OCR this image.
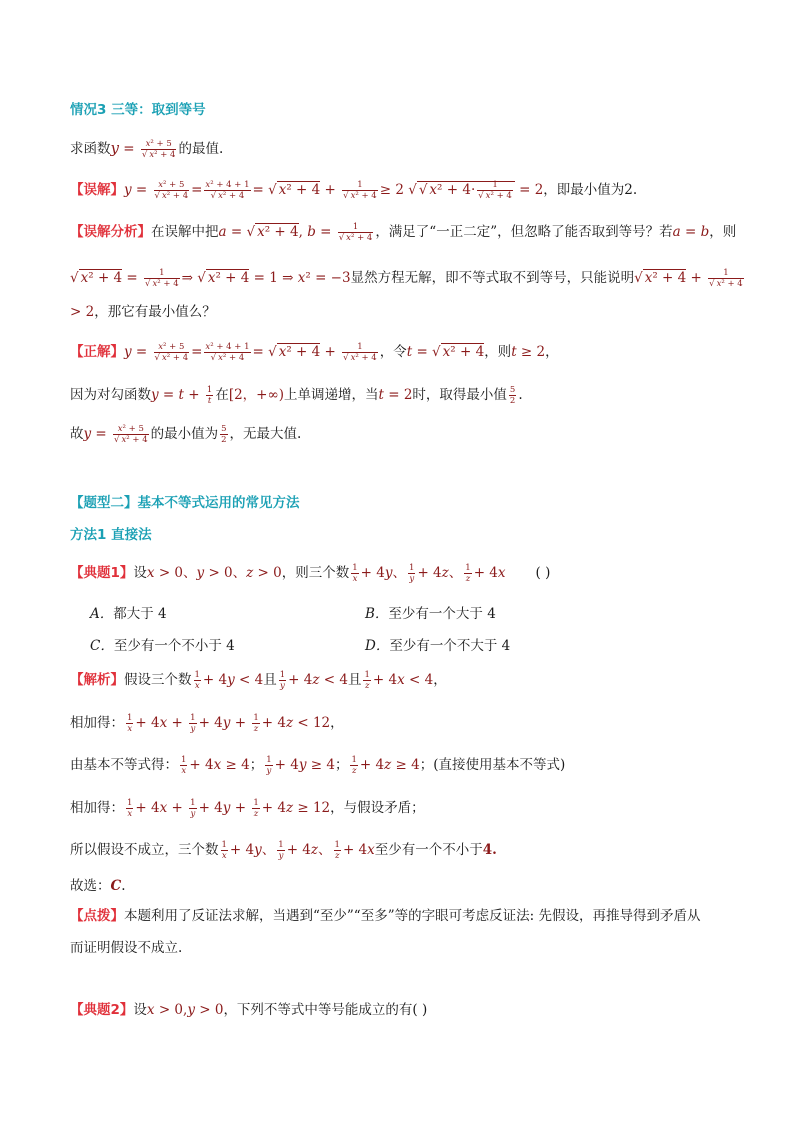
情况3 三等：取到等号
求函数$y = \frac{\text{x² + 5}}{\text{√ x² + 4}}$ 的最值.
【误解】$y = \frac{\text{x² + 5}}{\text{√ x² + 4}} = \frac{\text{x² + 4 + 1}}{\text{√ x² + 4}}$ = √ $x^2 + 4 + \frac{1}{\text{√ x² + 4}} \ge 2$ √ √ $x^2 + 4\cdot \frac{1}{\text{√ x² + 4}} = 2$，即最小值为2.
【误解分析】在误解中把a = √ x² + 4, $b = \frac{1}{\text{√ x² + 4}}$ ，满足了“一正二定”，但忽略了能否取到等号？若a = b，则
√ $x^2 + 4 = \frac{1}{\text{√ x² + 4}}$ ⇒ √ x² + 4 = 1 ⇒ x² = −3显然方程无解，即不等式取不到等号，只能说明√ $x^2 + 4 + \frac{1}{\text{√ x² + 4}}$
> 2，那它有最小值么？
【正解】$y = \frac{\text{x² + 5}}{\text{√ x² + 4}} = \frac{\text{x² + 4 + 1}}{\text{√ x² + 4}}$ = √ $x^2 + 4 + \frac{1}{\text{√ x² + 4}}$ ，令t = √ x² + 4，则t ≥ 2，
因为对勾函数$y = t + \frac{1}{t}$ 在[2，+∞)上单调递增，当t = 2时，取得最小值 $\frac{5}{2}$ .
故$y = \frac{\text{x² + 5}}{\text{√ x² + 4}}$ 的最小值为 $\frac{5}{2}$ ，无最大值.
【题型二】基本不等式运用的常见方法
方法1 直接法
【典题1】设x > 0、y > 0、z > 0，则三个数 $\frac{1}{x} + 4y$、 $\frac{1}{y} + 4z$、 $\frac{1}{z} + 4x$ ( )
A．都大于 4	B．至少有一个大于 4
C．至少有一个不小于 4	D．至少有一个不大于 4
【解析】假设三个数 $\frac{1}{x} + 4y < 4$且 $\frac{1}{y} + 4z < 4$且 $\frac{1}{z} + 4x < 4$，
相加得： $\frac{1}{x} + 4x + \frac{1}{y} + 4y + \frac{1}{z} + 4z < 12$，
由基本不等式得： $\frac{1}{x} + 4x \ge 4$； $\frac{1}{y} + 4y \ge 4$； $\frac{1}{z} + 4z \ge 4$；(直接使用基本不等式)
相加得： $\frac{1}{x} + 4x + \frac{1}{y} + 4y + \frac{1}{z} + 4z \ge 12$，与假设矛盾；
所以假设不成立，三个数 $\frac{1}{x} + 4y$、 $\frac{1}{y} + 4z$、 $\frac{1}{z} + 4x$至少有一个不小于4.
故选：C.
【点拨】本题利用了反证法求解，当遇到“至少”“至多”等的字眼可考虑反证法: 先假设，再推导得到矛盾从
而证明假设不成立.
【典题2】设x > 0,y > 0，下列不等式中等号能成立的有( )
